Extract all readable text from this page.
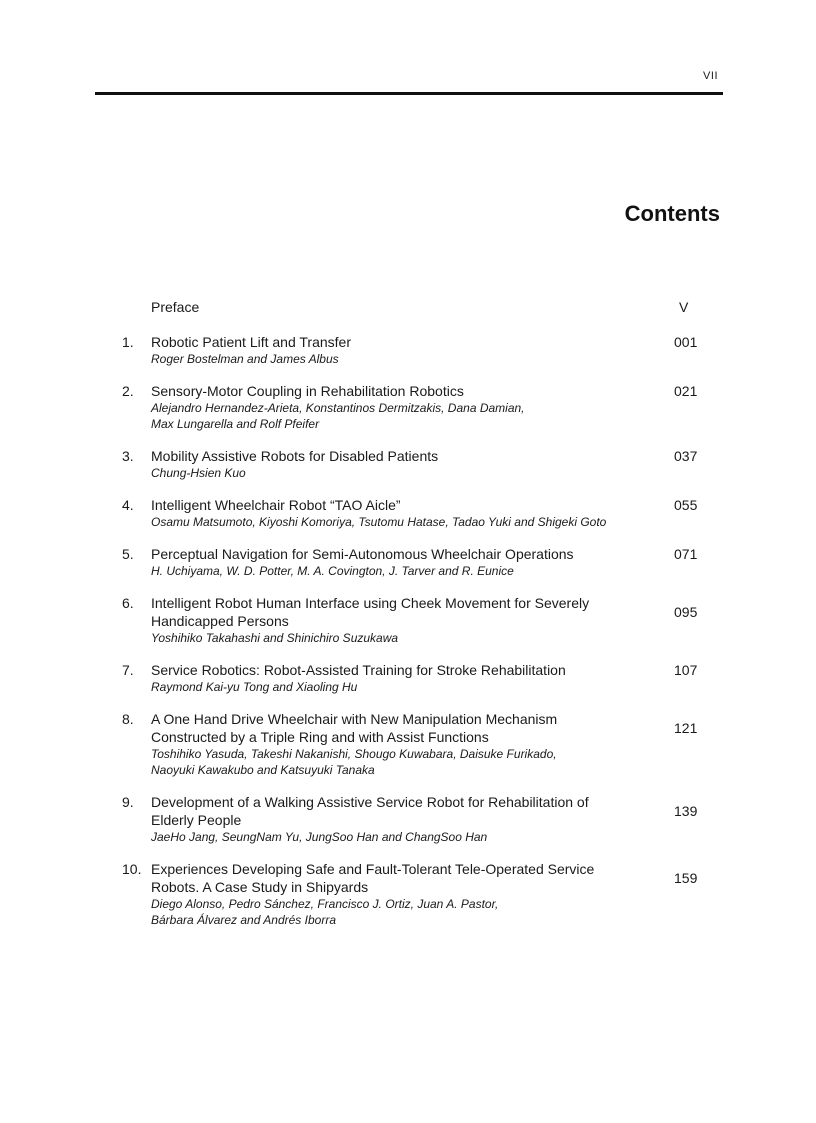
VII
Contents
Preface	V
1. Robotic Patient Lift and Transfer
Roger Bostelman and James Albus
001
2. Sensory-Motor Coupling in Rehabilitation Robotics
Alejandro Hernandez-Arieta, Konstantinos Dermitzakis, Dana Damian,
Max Lungarella and Rolf Pfeifer
021
3. Mobility Assistive Robots for Disabled Patients
Chung-Hsien Kuo
037
4. Intelligent Wheelchair Robot “TAO Aicle”
Osamu Matsumoto, Kiyoshi Komoriya, Tsutomu Hatase, Tadao Yuki and Shigeki Goto
055
5. Perceptual Navigation for Semi-Autonomous Wheelchair Operations
H. Uchiyama, W. D. Potter, M. A. Covington, J. Tarver and R. Eunice
071
6. Intelligent Robot Human Interface using Cheek Movement for Severely
Handicapped Persons
Yoshihiko Takahashi and Shinichiro Suzukawa
095
7. Service Robotics: Robot-Assisted Training for Stroke Rehabilitation
Raymond Kai-yu Tong and Xiaoling Hu
107
8. A One Hand Drive Wheelchair with New Manipulation Mechanism
Constructed by a Triple Ring and with Assist Functions
Toshihiko Yasuda, Takeshi Nakanishi, Shougo Kuwabara, Daisuke Furikado,
Naoyuki Kawakubo and Katsuyuki Tanaka
121
9. Development of a Walking Assistive Service Robot for Rehabilitation of
Elderly People
JaeHo Jang, SeungNam Yu, JungSoo Han and ChangSoo Han
139
10. Experiences Developing Safe and Fault-Tolerant Tele-Operated Service
Robots. A Case Study in Shipyards
Diego Alonso, Pedro Sánchez, Francisco J. Ortiz, Juan A. Pastor,
Bárbara Álvarez and Andrés Iborra
159
